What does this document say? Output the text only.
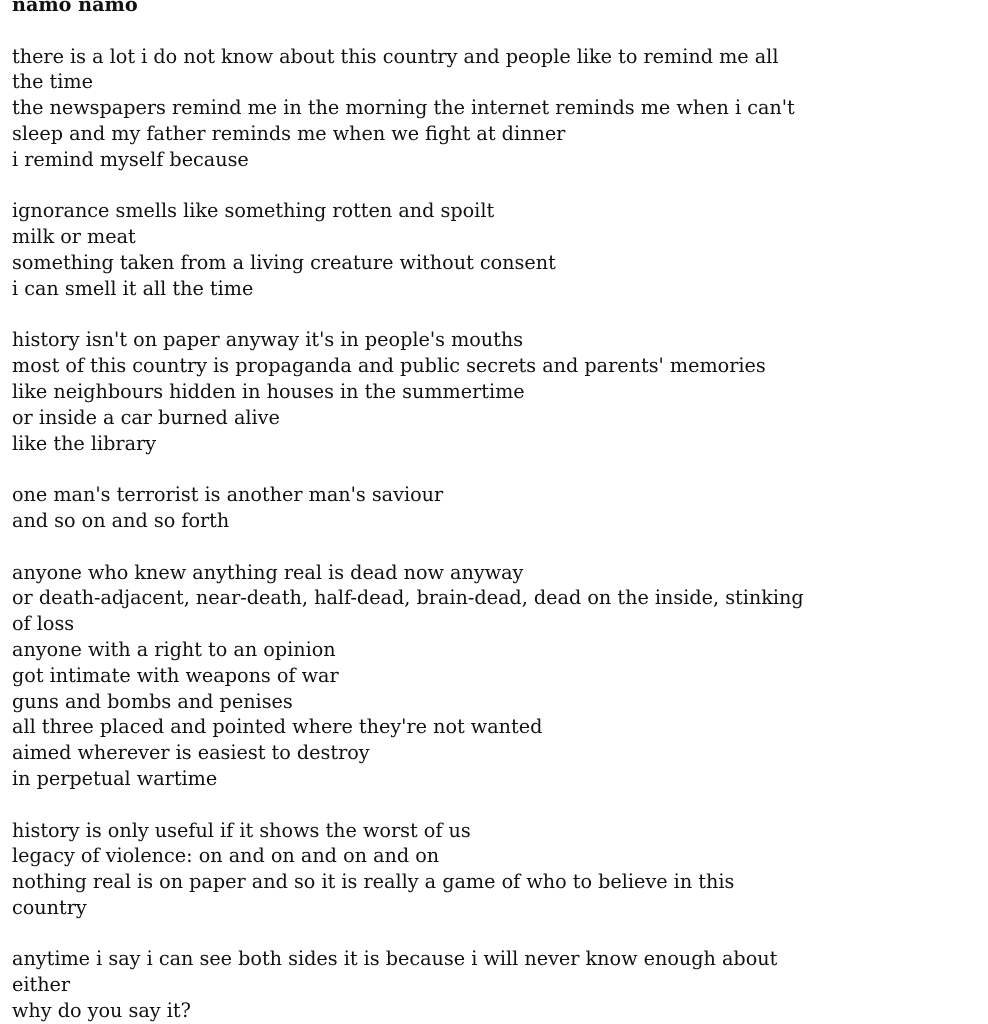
namo namo
there is a lot i do not know about this country and people like to remind me all
the time
the newspapers remind me in the morning the internet reminds me when i can't
sleep and my father reminds me when we fight at dinner
i remind myself because
ignorance smells like something rotten and spoilt
milk or meat
something taken from a living creature without consent
i can smell it all the time
history isn't on paper anyway it's in people's mouths
most of this country is propaganda and public secrets and parents' memories
like neighbours hidden in houses in the summertime
or inside a car burned alive
like the library
one man's terrorist is another man's saviour
and so on and so forth
anyone who knew anything real is dead now anyway
or death-adjacent, near-death, half-dead, brain-dead, dead on the inside, stinking
of loss
anyone with a right to an opinion
got intimate with weapons of war
guns and bombs and penises
all three placed and pointed where they're not wanted
aimed wherever is easiest to destroy
in perpetual wartime
history is only useful if it shows the worst of us
legacy of violence: on and on and on and on
nothing real is on paper and so it is really a game of who to believe in this
country
anytime i say i can see both sides it is because i will never know enough about
either
why do you say it?
